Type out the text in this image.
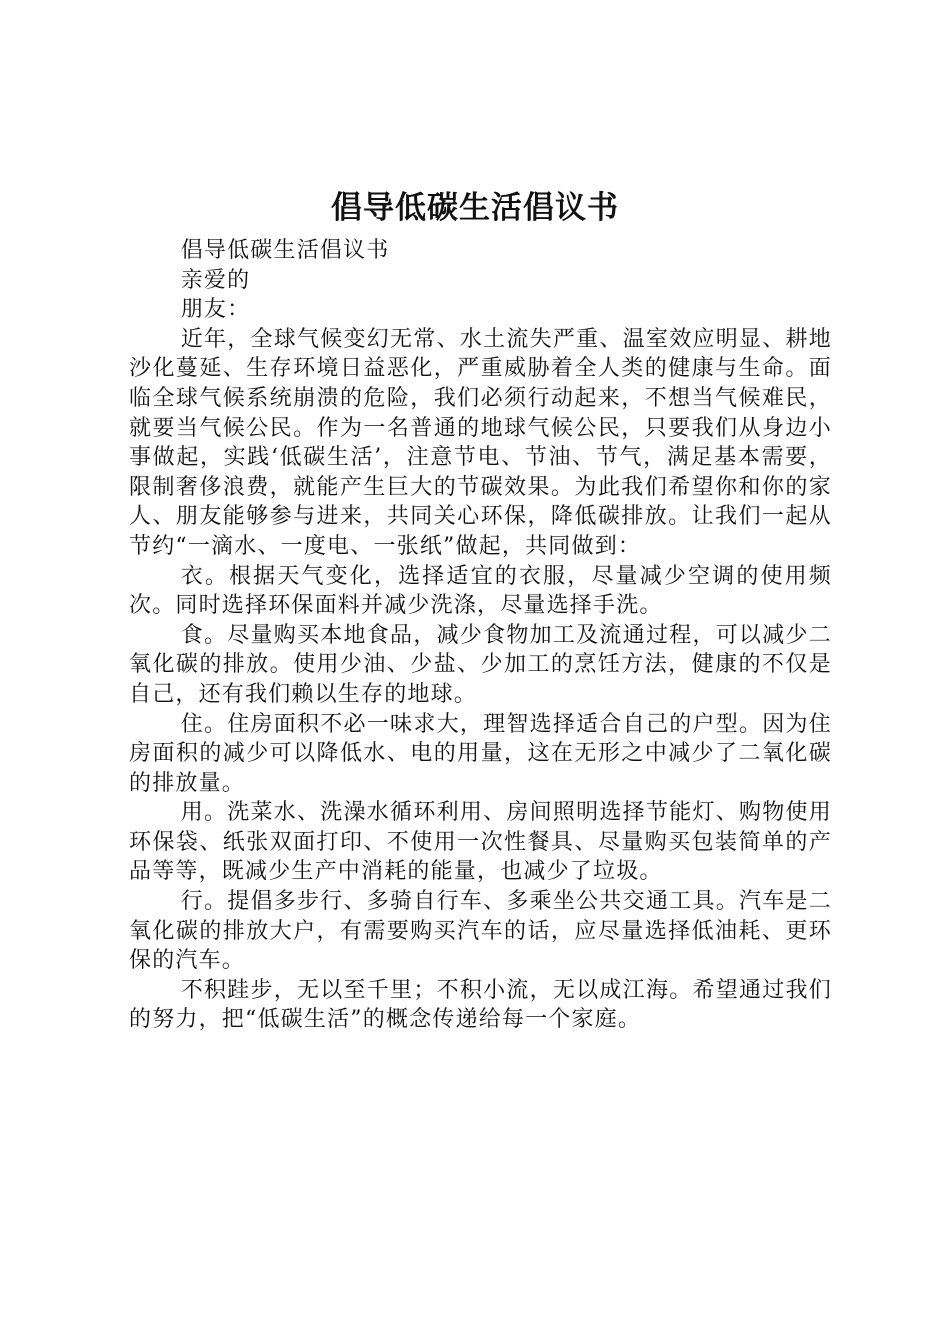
倡导低碳生活倡议书

倡导低碳生活倡议书

亲爱的

朋友：

近年，全球气候变幻无常、水土流失严重、温室效应明显、耕地沙化蔓延、生存环境日益恶化，严重威胁着全人类的健康与生命。面临全球气候系统崩溃的危险，我们必须行动起来，不想当气候难民，就要当气候公民。作为一名普通的地球气候公民，只要我们从身边小事做起，实践‘低碳生活’，注意节电、节油、节气，满足基本需要，限制奢侈浪费，就能产生巨大的节碳效果。为此我们希望你和你的家人、朋友能够参与进来，共同关心环保，降低碳排放。让我们一起从节约“一滴水、一度电、一张纸”做起，共同做到：

衣。根据天气变化，选择适宜的衣服，尽量减少空调的使用频次。同时选择环保面料并减少洗涤，尽量选择手洗。

食。尽量购买本地食品，减少食物加工及流通过程，可以减少二氧化碳的排放。使用少油、少盐、少加工的烹饪方法，健康的不仅是自己，还有我们赖以生存的地球。

住。住房面积不必一味求大，理智选择适合自己的户型。因为住房面积的减少可以降低水、电的用量，这在无形之中减少了二氧化碳的排放量。

用。洗菜水、洗澡水循环利用、房间照明选择节能灯、购物使用环保袋、纸张双面打印、不使用一次性餐具、尽量购买包装简单的产品等等，既减少生产中消耗的能量，也减少了垃圾。

行。提倡多步行、多骑自行车、多乘坐公共交通工具。汽车是二氧化碳的排放大户，有需要购买汽车的话，应尽量选择低油耗、更环保的汽车。

不积跬步，无以至千里；不积小流，无以成江海。希望通过我们的努力，把“低碳生活”的概念传递给每一个家庭。
